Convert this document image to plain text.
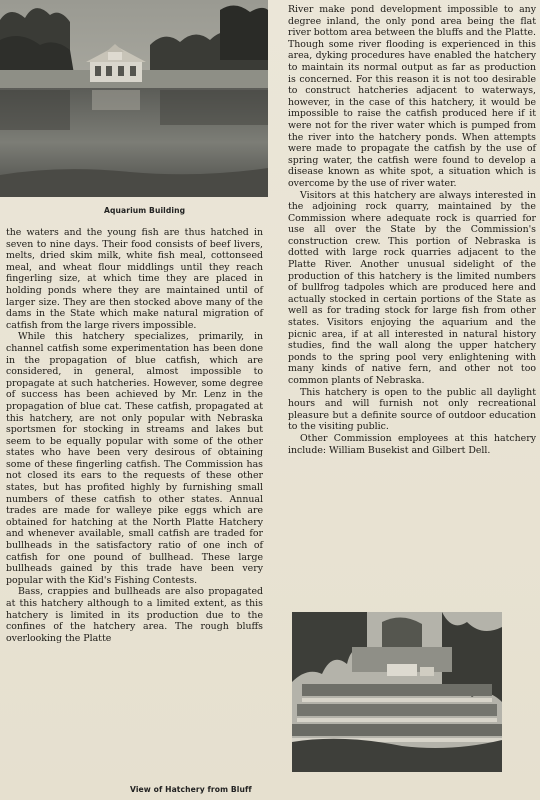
Aquarium Building

the waters and the young fish are thus hatched in seven to nine days. Their food consists of beef livers, melts, dried skim milk, white fish meal, cottonseed meal, and wheat flour middlings until they reach fingerling size, at which time they are placed in holding ponds where they are maintained until of larger size. They are then stocked above many of the dams in the State which make natural migration of catfish from the large rivers impossible.

While this hatchery specializes, primarily, in channel catfish some experimentation has been done in the propagation of blue catfish, which are considered, in general, almost impossible to propagate at such hatcheries. However, some degree of success has been achieved by Mr. Lenz in the propagation of blue cat. These catfish, propagated at this hatchery, are not only popular with Nebraska sportsmen for stocking in streams and lakes but seem to be equally popular with some of the other states who have been very desirous of obtaining some of these fingerling catfish. The Commission has not closed its ears to the requests of these other states, but has profited highly by furnishing small numbers of these catfish to other states. Annual trades are made for walleye pike eggs which are obtained for hatching at the North Platte Hatchery and whenever available, small catfish are traded for bullheads in the satisfactory ratio of one inch of catfish for one pound of bullhead. These large bullheads gained by this trade have been very popular with the Kid's Fishing Contests.

Bass, crappies and bullheads are also propagated at this hatchery although to a limited extent, as this hatchery is limited in its production due to the confines of the hatchery area. The rough bluffs overlooking the Platte

River make pond development impossible to any degree inland, the only pond area being the flat river bottom area between the bluffs and the Platte. Though some river flooding is experienced in this area, dyking procedures have enabled the hatchery to maintain its normal output as far as production is concerned. For this reason it is not too desirable to construct hatcheries adjacent to waterways, however, in the case of this hatchery, it would be impossible to raise the catfish produced here if it were not for the river water which is pumped from the river into the hatchery ponds. When attempts were made to propagate the catfish by the use of spring water, the catfish were found to develop a disease known as white spot, a situation which is overcome by the use of river water.

Visitors at this hatchery are always interested in the adjoining rock quarry, maintained by the Commission where adequate rock is quarried for use all over the State by the Commission's construction crew. This portion of Nebraska is dotted with large rock quarries adjacent to the Platte River. Another unusual sidelight of the production of this hatchery is the limited numbers of bullfrog tadpoles which are produced here and actually stocked in certain portions of the State as well as for trading stock for large fish from other states. Visitors enjoying the aquarium and the picnic area, if at all interested in natural history studies, find the wall along the upper hatchery ponds to the spring pool very enlightening with many kinds of native fern, and other not too common plants of Nebraska.

This hatchery is open to the public all daylight hours and will furnish not only recreational pleasure but a definite source of outdoor education to the visiting public.

Other Commission employees at this hatchery include: William Busekist and Gilbert Dell.

View of Hatchery from Bluff
